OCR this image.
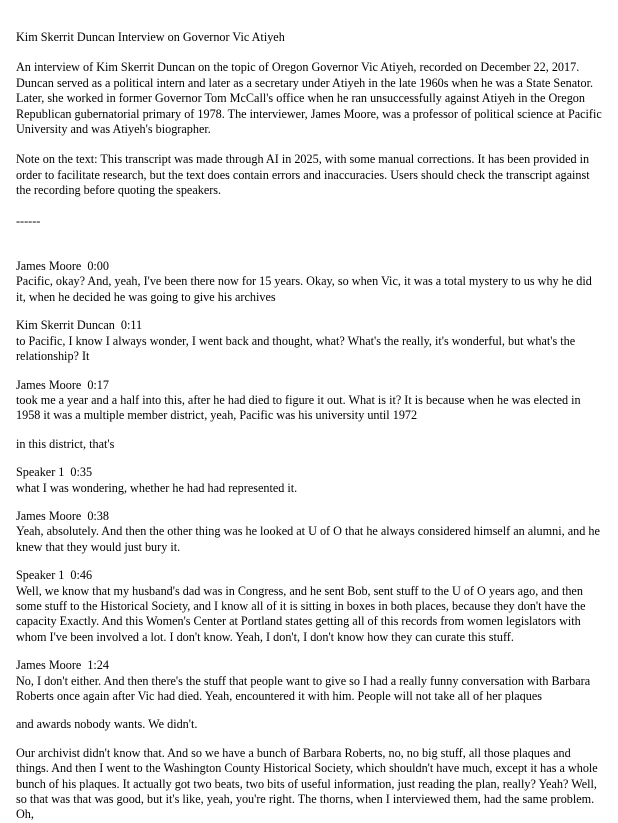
Kim Skerrit Duncan Interview on Governor Vic Atiyeh

An interview of Kim Skerrit Duncan on the topic of Oregon Governor Vic Atiyeh, recorded on December 22, 2017. Duncan served as a political intern and later as a secretary under Atiyeh in the late 1960s when he was a State Senator. Later, she worked in former Governor Tom McCall's office when he ran unsuccessfully against Atiyeh in the Oregon Republican gubernatorial primary of 1978. The interviewer, James Moore, was a professor of political science at Pacific University and was Atiyeh's biographer.

Note on the text: This transcript was made through AI in 2025, with some manual corrections. It has been provided in order to facilitate research, but the text does contain errors and inaccuracies. Users should check the transcript against the recording before quoting the speakers.

------

James Moore 0:00
Pacific, okay? And, yeah, I've been there now for 15 years. Okay, so when Vic, it was a total mystery to us why he did it, when he decided he was going to give his archives
Kim Skerrit Duncan 0:11
to Pacific, I know I always wonder, I went back and thought, what? What's the really, it's wonderful, but what's the relationship? It
James Moore 0:17
took me a year and a half into this, after he had died to figure it out. What is it? It is because when he was elected in 1958 it was a multiple member district, yeah, Pacific was his university until 1972

in this district, that's

Speaker 1 0:35
what I was wondering, whether he had had represented it.
James Moore 0:38
Yeah, absolutely. And then the other thing was he looked at U of O that he always considered himself an alumni, and he knew that they would just bury it.
Speaker 1 0:46
Well, we know that my husband's dad was in Congress, and he sent Bob, sent stuff to the U of O years ago, and then some stuff to the Historical Society, and I know all of it is sitting in boxes in both places, because they don't have the capacity Exactly. And this Women's Center at Portland states getting all of this records from women legislators with whom I've been involved a lot. I don't know. Yeah, I don't, I don't know how they can curate this stuff.
James Moore 1:24
No, I don't either. And then there's the stuff that people want to give so I had a really funny conversation with Barbara Roberts once again after Vic had died. Yeah, encountered it with him. People will not take all of her plaques

and awards nobody wants. We didn't.

Our archivist didn't know that. And so we have a bunch of Barbara Roberts, no, no big stuff, all those plaques and things. And then I went to the Washington County Historical Society, which shouldn't have much, except it has a whole bunch of his plaques. It actually got two beats, two bits of useful information, just reading the plan, really? Yeah? Well, so that was that was good, but it's like, yeah, you're right. The thorns, when I interviewed them, had the same problem. Oh,
